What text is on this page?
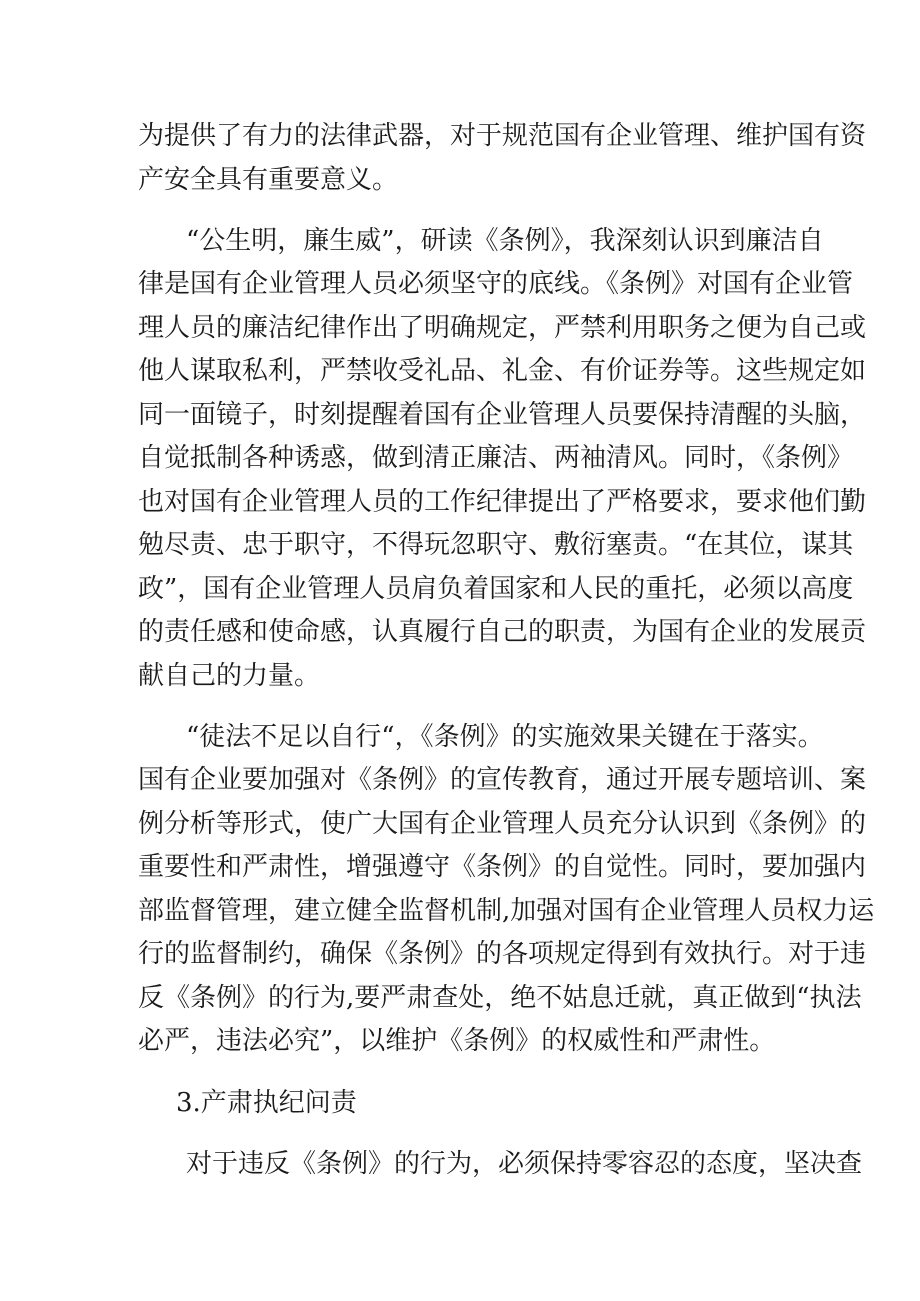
为提供了有力的法律武器，对于规范国有企业管理、维护国有资
产安全具有重要意义。
“公生明，廉生威”，研读《条例》，我深刻认识到廉洁自
律是国有企业管理人员必须坚守的底线。《条例》对国有企业管
理人员的廉洁纪律作出了明确规定，严禁利用职务之便为自己或
他人谋取私利，严禁收受礼品、礼金、有价证券等。这些规定如
同一面镜子，时刻提醒着国有企业管理人员要保持清醒的头脑，
自觉抵制各种诱惑，做到清正廉洁、两袖清风。同时，《条例》
也对国有企业管理人员的工作纪律提出了严格要求，要求他们勤
勉尽责、忠于职守，不得玩忽职守、敷衍塞责。“在其位，谋其
政”，国有企业管理人员肩负着国家和人民的重托，必须以高度
的责任感和使命感，认真履行自己的职责，为国有企业的发展贡
献自己的力量。
“徒法不足以自行“，《条例》的实施效果关键在于落实。
国有企业要加强对《条例》的宣传教育，通过开展专题培训、案
例分析等形式，使广大国有企业管理人员充分认识到《条例》的
重要性和严肃性，增强遵守《条例》的自觉性。同时，要加强内
部监督管理，建立健全监督机制,加强对国有企业管理人员权力运
行的监督制约，确保《条例》的各项规定得到有效执行。对于违
反《条例》的行为,要严肃查处，绝不姑息迁就，真正做到“执法
必严，违法必究”，以维护《条例》的权威性和严肃性。
3.产肃执纪问责
对于违反《条例》的行为，必须保持零容忍的态度，坚决查
